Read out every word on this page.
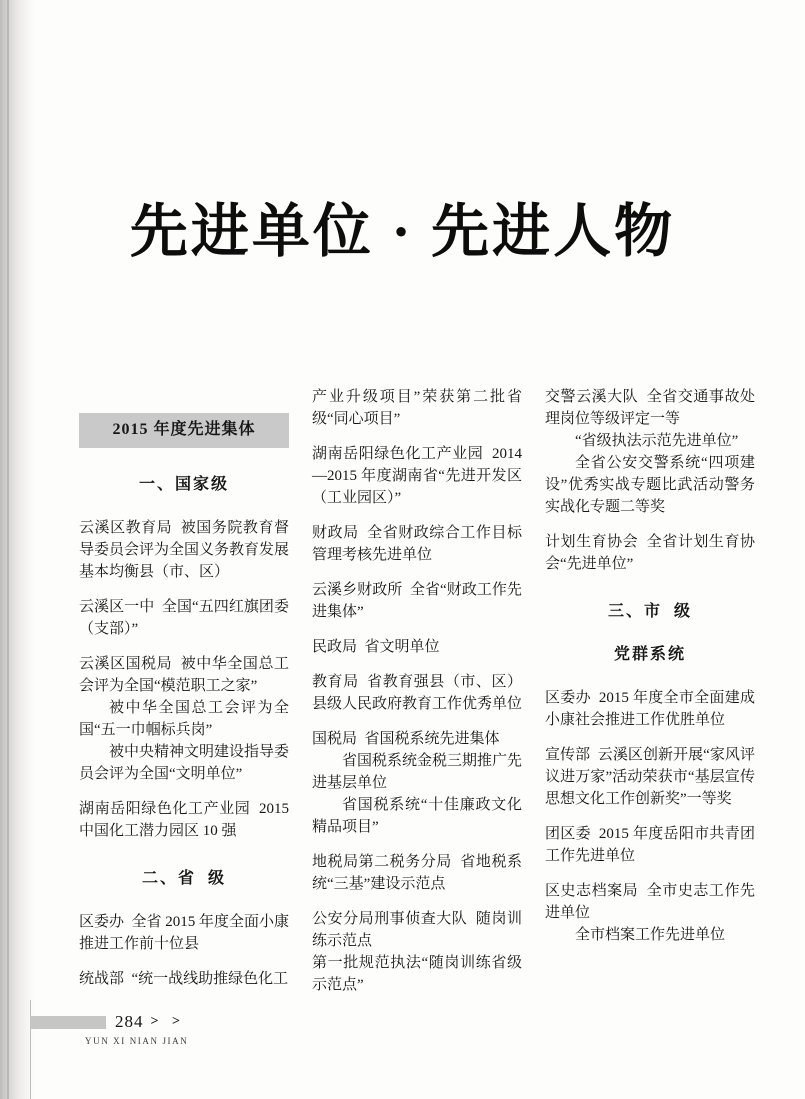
先进单位 · 先进人物
2015 年度先进集体
一、国家级

云溪区教育局  被国务院教育督导委员会评为全国义务教育发展基本均衡县（市、区）

云溪区一中  全国“五四红旗团委（支部）”

云溪区国税局  被中华全国总工会评为全国“模范职工之家”

被中华全国总工会评为全国“五一巾帼标兵岗”

被中央精神文明建设指导委员会评为全国“文明单位”

湖南岳阳绿色化工产业园  2015 中国化工潜力园区 10 强

二、省  级

区委办  全省 2015 年度全面小康推进工作前十位县

统战部  “统一战线助推绿色化工

产业升级项目”荣获第二批省级“同心项目”

湖南岳阳绿色化工产业园  2014—2015 年度湖南省“先进开发区（工业园区）”

财政局  全省财政综合工作目标管理考核先进单位

云溪乡财政所  全省“财政工作先进集体”

民政局  省文明单位

教育局  省教育强县（市、区）县级人民政府教育工作优秀单位

国税局  省国税系统先进集体

省国税系统金税三期推广先进基层单位

省国税系统“十佳廉政文化精品项目”

地税局第二税务分局  省地税系统“三基”建设示范点

公安分局刑事侦查大队  随岗训练示范点

第一批规范执法“随岗训练省级示范点”

交警云溪大队  全省交通事故处理岗位等级评定一等

“省级执法示范先进单位”

全省公安交警系统“四项建设”优秀实战专题比武活动警务实战化专题二等奖

计划生育协会  全省计划生育协会“先进单位”

三、市  级
党群系统

区委办  2015 年度全市全面建成小康社会推进工作优胜单位

宣传部  云溪区创新开展“家风评议进万家”活动荣获市“基层宣传思想文化工作创新奖”一等奖

团区委  2015 年度岳阳市共青团工作先进单位

区史志档案局  全市史志工作先进单位

全市档案工作先进单位

284 > >
YUN XI NIAN JIAN
